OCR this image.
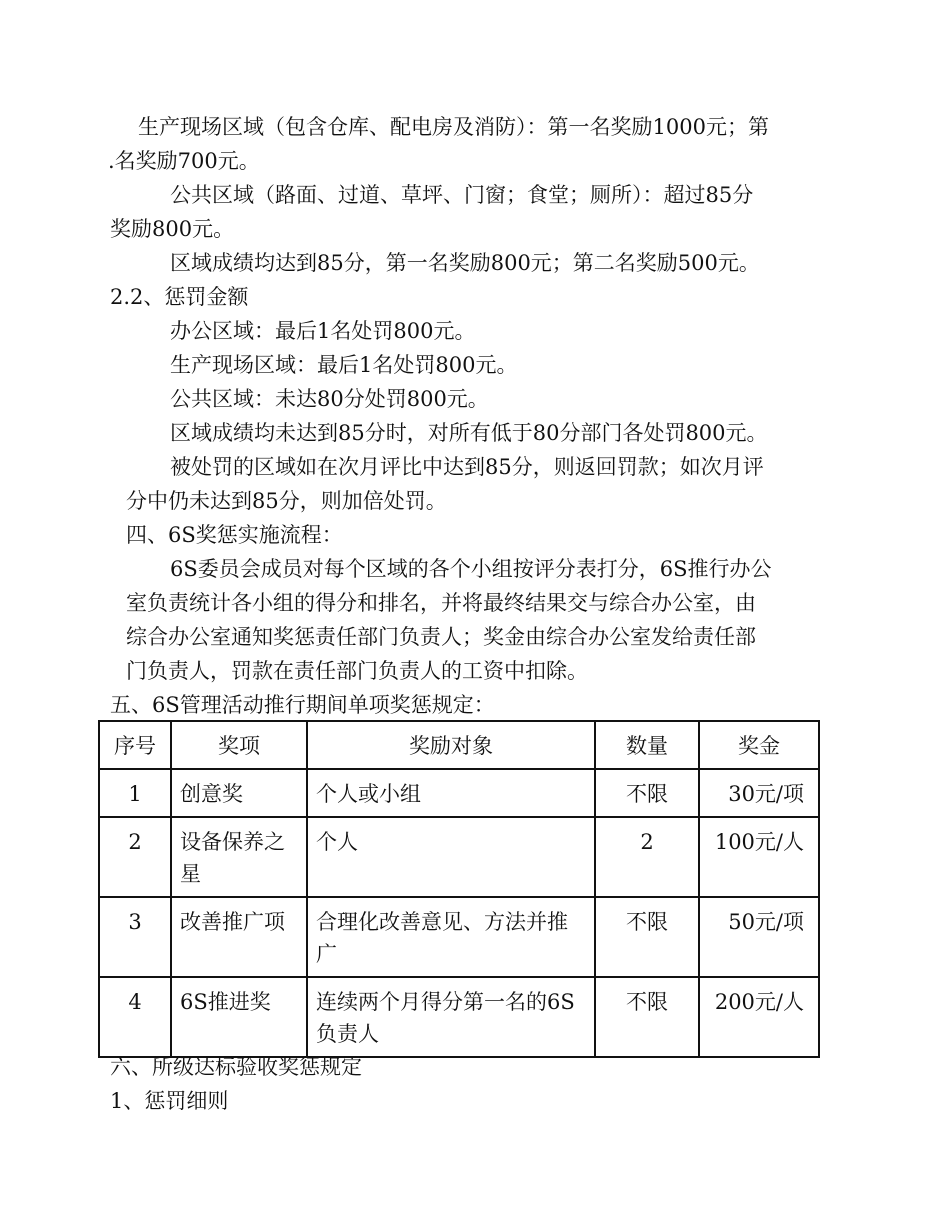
生产现场区域（包含仓库、配电房及消防）：第一名奖励1000元；第
.名奖励700元。
公共区域（路面、过道、草坪、门窗；食堂；厕所）：超过85分
奖励800元。
区域成绩均达到85分，第一名奖励800元；第二名奖励500元。
2.2、惩罚金额
办公区域：最后1名处罚800元。
生产现场区域：最后1名处罚800元。
公共区域：未达80分处罚800元。
区域成绩均未达到85分时，对所有低于80分部门各处罚800元。
被处罚的区域如在次月评比中达到85分，则返回罚款；如次月评
分中仍未达到85分，则加倍处罚。
四、6S奖惩实施流程：
6S委员会成员对每个区域的各个小组按评分表打分，6S推行办公
室负责统计各小组的得分和排名，并将最终结果交与综合办公室，由
综合办公室通知奖惩责任部门负责人；奖金由综合办公室发给责任部
门负责人，罚款在责任部门负责人的工资中扣除。
五、6S管理活动推行期间单项奖惩规定：
序号	奖项	奖励对象	数量	奖金
1	创意奖	个人或小组	不限	30元/项
2	设备保养之星	个人	2	100元/人
3	改善推广项	合理化改善意见、方法并推广	不限	50元/项
4	6S推进奖	连续两个月得分第一名的6S负责人	不限	200元/人
六、所级达标验收奖惩规定
1、惩罚细则
